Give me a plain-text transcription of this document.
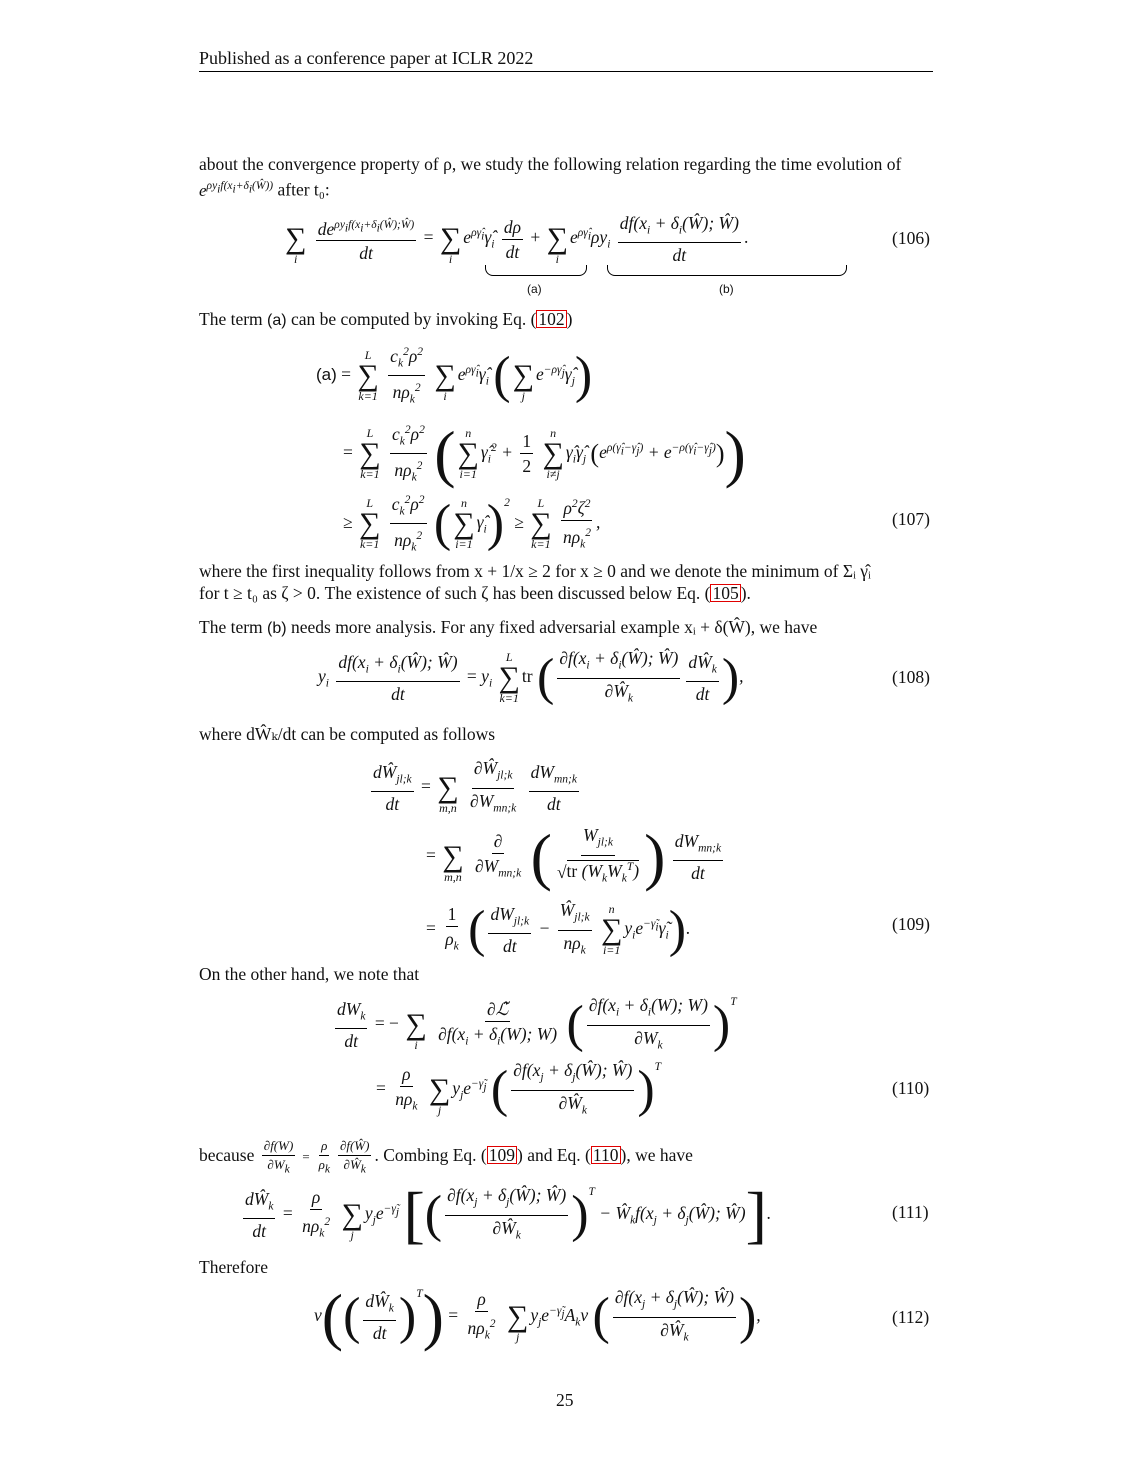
Published as a conference paper at ICLR 2022
about the convergence property of ρ, we study the following relation regarding the time evolution of
$e^{\rho y_if(x_i+\delta_i(Ŵ))}$ after t₀:
∑
i
$\frac{de^{\rho y_if(x_i+\delta_i(Ŵ);Ŵ)}}{dt}$ = ∑
i
$e^{\rho\gammâ_i}\gammâ_i \frac{d\rho}{dt}$ + ∑
i
$e^{\rho\gammâ_i}\rho y_i \frac{df(x_i + \delta_i(Ŵ); Ŵ)}{dt}$ .
(a)	(b)
(106)
The term (a) can be computed by invoking Eq. ( 102 )
(a) =
L
∑
k=1
$\frac{c_k^2\rho^2}{n\rho_k^2}$
∑
i
$e^{\rho\gammâ_i}\gammâ_i$ ( ∑
j
$e^{-\rho\gammâ_j}\gammâ_j$)
=
L
∑
k=1
$\frac{c_k^2\rho^2}{n\rho_k^2}$ ( n
∑
i=1
$\gammâ_i^2 + \frac{1}{2}$
n
∑
i≠j
$\gammâ_i\gammâ_j$ $(e^{\rho(\gammâ_i-\gammâ_j)} + e^{-\rho(\gammâ_i-\gammâ_j)})$)
≥
L
∑
k=1
$\frac{c_k^2\rho^2}{n\rho_k^2}$ ( n
∑
i=1
$\gammâ_i)^2$ ≥
L
∑
k=1
$\frac{\rho^2\zeta^2}{n\rho_k^2}$ ,	(107)
where the first inequality follows from x + 1/x ≥ 2 for x ≥ 0 and we denote the minimum of Σᵢ γ̂ᵢ
for t ≥ t₀ as ζ > 0. The existence of such ζ has been discussed below Eq. ( 105 ).
The term (b) needs more analysis. For any fixed adversarial example xᵢ + δ(Ŵ), we have
$y_i \frac{df(x_i + \delta_i(Ŵ); Ŵ)}{dt} = y_i$
L
∑
k=1
tr ( $\frac{\partial f(x_i + \delta_i(Ŵ); Ŵ)}{\partial Ŵ_k} \frac{dŴ_k}{dt}$ ),	(108)
where dŴₖ/dt can be computed as follows
$\frac{dŴ_{jl;k}}{dt}$ = ∑
m,n
$\frac{\partial Ŵ_{jl;k}}{\partial W_{mn;k}}$
$\frac{dW_{mn;k}}{dt}$
= ∑
m,n
$\frac{\partial}{\partial W_{mn;k}}$ ( $\frac{W_{jl;k}}{√tr (W_kW_k^T)}$ ) $\frac{dW_{mn;k}}{dt}$
= $\frac{1}{\rho_k}$ ( $\frac{dW_{jl;k}}{dt} - \frac{Ŵ_{jl;k}}{n\rho_k}$
n
∑
i=1
$y_ie^{-\gammã_i}\gammã_i$).	(109)
On the other hand, we note that
$\frac{dW_k}{dt}$ = − ∑
i
$\frac{\text{∂ℒ̃}}{\partial f(x_i + \delta_i(W); W)}$ ( $\frac{\partial f(x_i + \delta_i(W); W)}{\partial W_k} )^T$
= $\frac{\rho}{n\rho_k}$
∑
j
$y_je^{-\gammã_j}$ ( $\frac{\partial f(x_j + \delta_j(Ŵ); Ŵ)}{\partial Ŵ_k} )^T$
(110)
because $\frac{\partial f(W)}{\partial W_k} = \frac{\rho}{\rho_k} \frac{\partial f(Ŵ)}{\partial Ŵ_k}$ . Combing Eq. ( 109 ) and Eq. ( 110 ), we have
$\frac{dŴ_k}{dt} = \frac{\rho}{n\rho_k^2}$
∑
j
$y_je^{-\gammã_j}$ [( $\frac{\partial f(x_j + \delta_j(Ŵ); Ŵ)}{\partial Ŵ_k} )^T$ − $Ŵ_kf(x_j$ + $\delta_j(Ŵ)$; Ŵ)].	(111)
Therefore
$v(( \frac{dŴ_k}{dt} )^T) = \frac{\rho}{n\rho_k^2}$
∑
j
$y_je^{-\gammã_j}A_kv$ ( $\frac{\partial f(x_j + \delta_j(Ŵ); Ŵ)}{\partial Ŵ_k}$ ),	(112)
25
